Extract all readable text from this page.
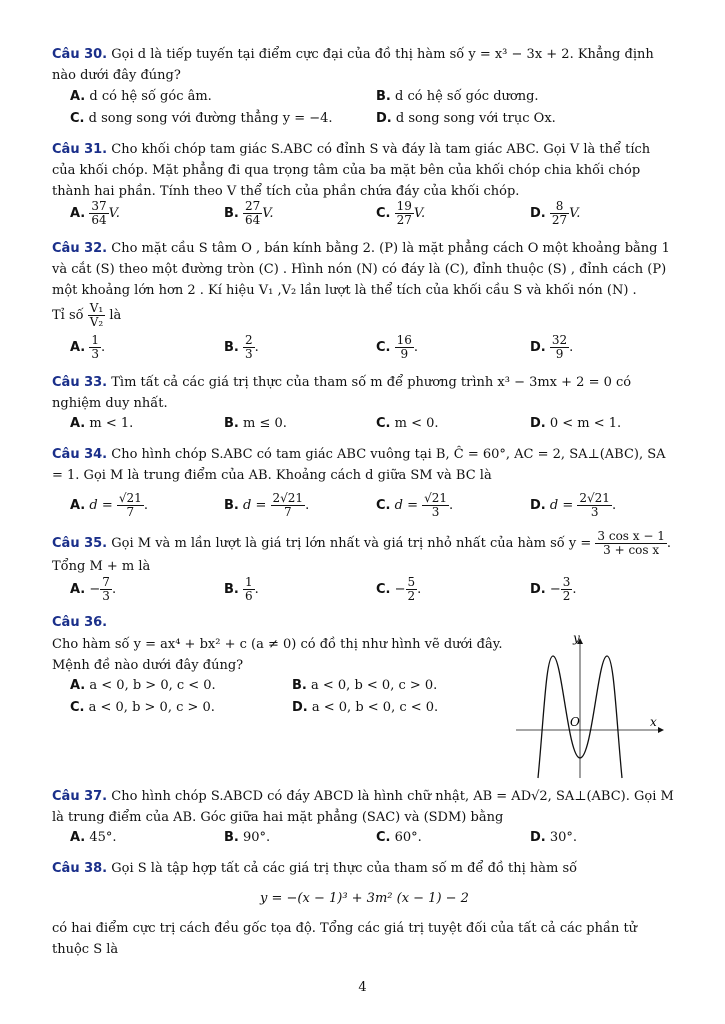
Câu 30. Gọi d là tiếp tuyến tại điểm cực đại của đồ thị hàm số y = x³ − 3x + 2. Khẳng định nào dưới đây đúng?
A. d có hệ số góc âm.	B. d có hệ số góc dương.
C. d song song với đường thẳng y = −4.	D. d song song với trục Ox.
Câu 31. Cho khối chóp tam giác S.ABC có đỉnh S và đáy là tam giác ABC. Gọi V là thể tích của khối chóp. Mặt phẳng đi qua trọng tâm của ba mặt bên của khối chóp chia khối chóp thành hai phần. Tính theo V thể tích của phần chứa đáy của khối chóp.
A. $\frac{37}{64} V$.	B. $\frac{27}{64} V$.	C. $\frac{19}{27} V$.	D. $\frac{8}{27} V$.
Câu 32. Cho mặt cầu S tâm O , bán kính bằng 2. (P) là mặt phẳng cách O một khoảng bằng 1 và cắt (S) theo một đường tròn (C) . Hình nón (N) có đáy là (C), đỉnh thuộc (S) , đỉnh cách (P) một khoảng lớn hơn 2 . Kí hiệu V₁ ,V₂ lần lượt là thể tích của khối cầu S và khối nón (N) .
Tỉ số $\frac{\text{V₁}}{\text{V₂}}$ là
A. $\frac{1}{3}$ .	B. $\frac{2}{3}$ .	C. $\frac{16}{9}$ .	D. $\frac{32}{9}$ .
Câu 33. Tìm tất cả các giá trị thực của tham số m để phương trình x³ − 3mx + 2 = 0 có nghiệm duy nhất.
A. m < 1.	B. m ≤ 0.	C. m < 0.	D. 0 < m < 1.
Câu 34. Cho hình chóp S.ABC có tam giác ABC vuông tại B, Ĉ = 60°, AC = 2, SA⊥(ABC), SA = 1. Gọi M là trung điểm của AB. Khoảng cách d giữa SM và BC là
A. $d = \frac{√21}{7}$ .	B. $d = \frac{2√21}{7}$ .	C. $d = \frac{√21}{3}$ .	D. $d = \frac{2√21}{3}$ .
Câu 35. Gọi M và m lần lượt là giá trị lớn nhất và giá trị nhỏ nhất của hàm số $y = \frac{\text{3 cos x − 1}}{\text{3 + cos x}}$ .
Tổng M + m là
A. − $\frac{7}{3}$ .	B. $\frac{1}{6}$ .	C. − $\frac{5}{2}$ .	D. − $\frac{3}{2}$ .
Câu 36.
Cho hàm số y = ax⁴ + bx² + c (a ≠ 0) có đồ thị như hình vẽ dưới đây.
Mệnh đề nào dưới đây đúng?
A. a < 0, b > 0, c < 0.	B. a < 0, b < 0, c > 0.
C. a < 0, b > 0, c > 0.	D. a < 0, b < 0, c < 0.
y
x
O
Câu 37. Cho hình chóp S.ABCD có đáy ABCD là hình chữ nhật, AB = AD√2, SA⊥(ABC). Gọi M là trung điểm của AB. Góc giữa hai mặt phẳng (SAC) và (SDM) bằng
A. 45°.	B. 90°.	C. 60°.	D. 30°.
Câu 38. Gọi S là tập hợp tất cả các giá trị thực của tham số m để đồ thị hàm số
y = −(x − 1)³ + 3m² (x − 1) − 2
có hai điểm cực trị cách đều gốc tọa độ. Tổng các giá trị tuyệt đối của tất cả các phần tử thuộc S là
4
